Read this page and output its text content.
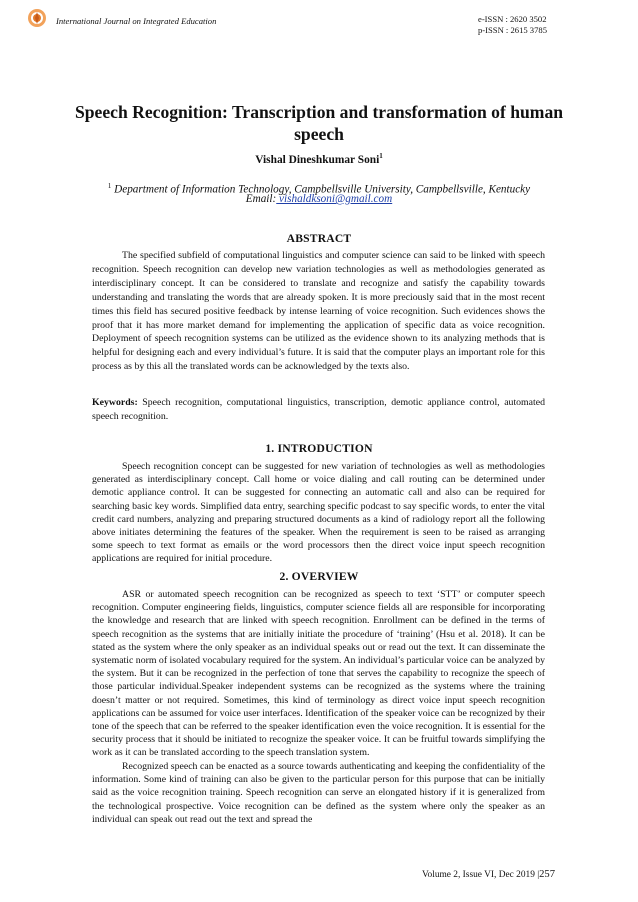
International Journal on Integrated Education	e-ISSN : 2620 3502
p-ISSN : 2615 3785
Speech Recognition: Transcription and transformation of human speech
Vishal Dineshkumar Soni$^1$
$^1$ Department of Information Technology, Campbellsville University, Campbellsville, Kentucky
Email: vishaldksoni@gmail.com
ABSTRACT

The specified subfield of computational linguistics and computer science can said to be linked with speech recognition. Speech recognition can develop new variation technologies as well as methodologies generated as interdisciplinary concept. It can be considered to translate and recognize and satisfy the capability towards understanding and translating the words that are already spoken. It is more preciously said that in the most recent times this field has secured positive feedback by intense learning of voice recognition. Such evidences shows the proof that it has more market demand for implementing the application of specific data as voice recognition. Deployment of speech recognition systems can be utilized as the evidence shown to its analyzing methods that is helpful for designing each and every individual’s future. It is said that the computer plays an important role for this process as by this all the translated words can be acknowledged by the texts also.

Keywords: Speech recognition, computational linguistics, transcription, demotic appliance control, automated speech recognition.

1. INTRODUCTION

Speech recognition concept can be suggested for new variation of technologies as well as methodologies generated as interdisciplinary concept. Call home or voice dialing and call routing can be determined under demotic appliance control. It can be suggested for connecting an automatic call and also can be required for searching basic key words. Simplified data entry, searching specific podcast to say specific words, to enter the vital credit card numbers, analyzing and preparing structured documents as a kind of radiology report all the following above initiates determining the features of the speaker. When the requirement is seen to be raised as arranging some speech to text format as emails or the word processors then the direct voice input speech recognition applications are required for initial procedure.

2. OVERVIEW

ASR or automated speech recognition can be recognized as speech to text ‘STT’ or computer speech recognition. Computer engineering fields, linguistics, computer science fields all are responsible for incorporating the knowledge and research that are linked with speech recognition. Enrollment can be defined in the terms of speech recognition as the systems that are initially initiate the procedure of ‘training’ (Hsu et al. 2018). It can be stated as the system where the only speaker as an individual speaks out or read out the text. It can disseminate the systematic norm of isolated vocabulary required for the system. An individual’s particular voice can be analyzed by the system. But it can be recognized in the perfection of tone that serves the capability to recognize the speech of those particular individual.Speaker independent systems can be recognized as the systems where the training doesn’t matter or not required. Sometimes, this kind of terminology as direct voice input speech recognition applications can be assumed for voice user interfaces. Identification of the speaker voice can be recognized by their tone of the speech that can be referred to the speaker identification even the voice recognition. It is essential for the security process that it should be initiated to recognize the speaker voice. It can be fruitful towards simplifying the work as it can be translated according to the speech translation system.

Recognized speech can be enacted as a source towards authenticating and keeping the confidentiality of the information. Some kind of training can also be given to the particular person for this purpose that can be initially said as the voice recognition training. Speech recognition can serve an elongated history if it is generalized from the technological prospective. Voice recognition can be defined as the system where only the speaker as an individual can speak out read out the text and spread the

Volume 2, Issue VI, Dec 2019 |257
